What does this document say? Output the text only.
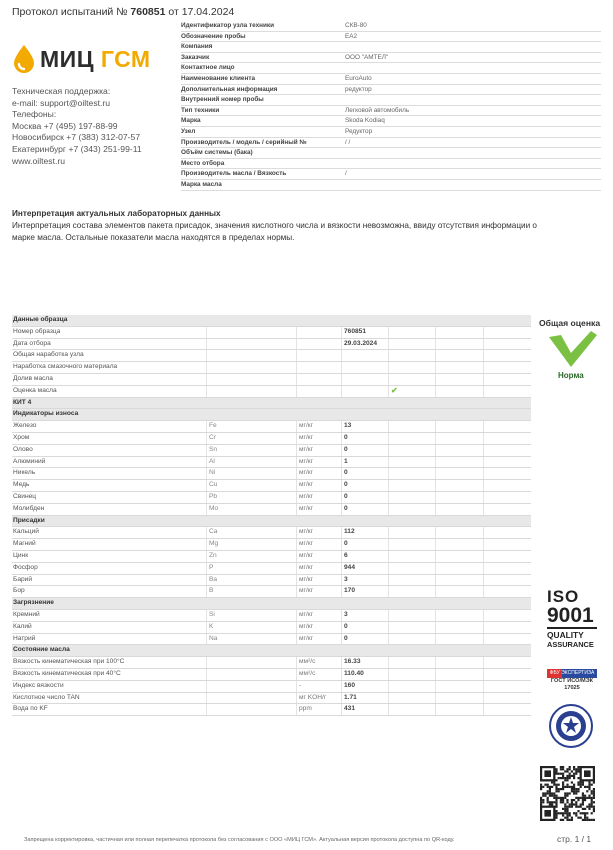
Протокол испытаний № 760851 от 17.04.2024
МИЦ ГСМ
Техническая поддержка:
e-mail: support@oiltest.ru
Телефоны:
Москва +7 (495) 197-88-99
Новосибирск +7 (383) 312-07-57
Екатеринбург +7 (343) 251-99-11
www.oiltest.ru
Идентификатор узла техники	СКВ-80
Обозначение пробы	EA2
Компания
Заказчик	ООО "АМТЕЛ"
Контактное лицо
Наименование клиента	EuroAuto
Дополнительная информация	редуктор
Внутренний номер пробы
Тип техники	Легковой автомобиль
Марка	Skoda Kodiaq
Узел	Редуктор
Производитель / модель / серийный №	/ /
Объём системы (бака)
Место отбора
Производитель масла / Вязкость	/
Марка масла
Интерпретация актуальных лабораторных данных
Интерпретация состава элементов пакета присадок, значения кислотного числа и вязкости невозможна, ввиду отсутствия информации о марке масла. Остальные показатели масла находятся в пределах нормы.
Данные образца
Номер образца	760851
Дата отбора	29.03.2024
Общая наработка узла
Наработка смазочного материала
Долив масла
Оценка масла	✔
КИТ 4
Индикаторы износа
Железо	Fe	мг/кг	13
Хром	Cr	мг/кг	0
Олово	Sn	мг/кг	0
Алюминий	Al	мг/кг	1
Никель	Ni	мг/кг	0
Медь	Cu	мг/кг	0
Свинец	Pb	мг/кг	0
Молибден	Mo	мг/кг	0
Присадки
Кальций	Ca	мг/кг	112
Магний	Mg	мг/кг	0
Цинк	Zn	мг/кг	6
Фосфор	P	мг/кг	944
Барий	Ba	мг/кг	3
Бор	B	мг/кг	170
Загрязнение
Кремний	Si	мг/кг	3
Калий	K	мг/кг	0
Натрий	Na	мг/кг	0
Состояние масла
Вязкость кинематическая при 100°C	мм²/с	16.33
Вязкость кинематическая при 40°C	мм²/с	110.40
Индекс вязкости	-	160
Кислотное число TAN	мг KOH/г	1.71
Вода по KF	ppm	431
Общая оценка
Норма
ISO
9001
QUALITY
ASSURANCE
ФБУ ЭКСПЕРТИЗА
ГОСТ ИСО/МЭК
17025
Запрещена корректировка, частичная или полная перепечатка протокола без согласования с ООО «МИЦ ГСМ». Актуальная версия протокола доступна по QR-коду.	стр. 1 / 1
